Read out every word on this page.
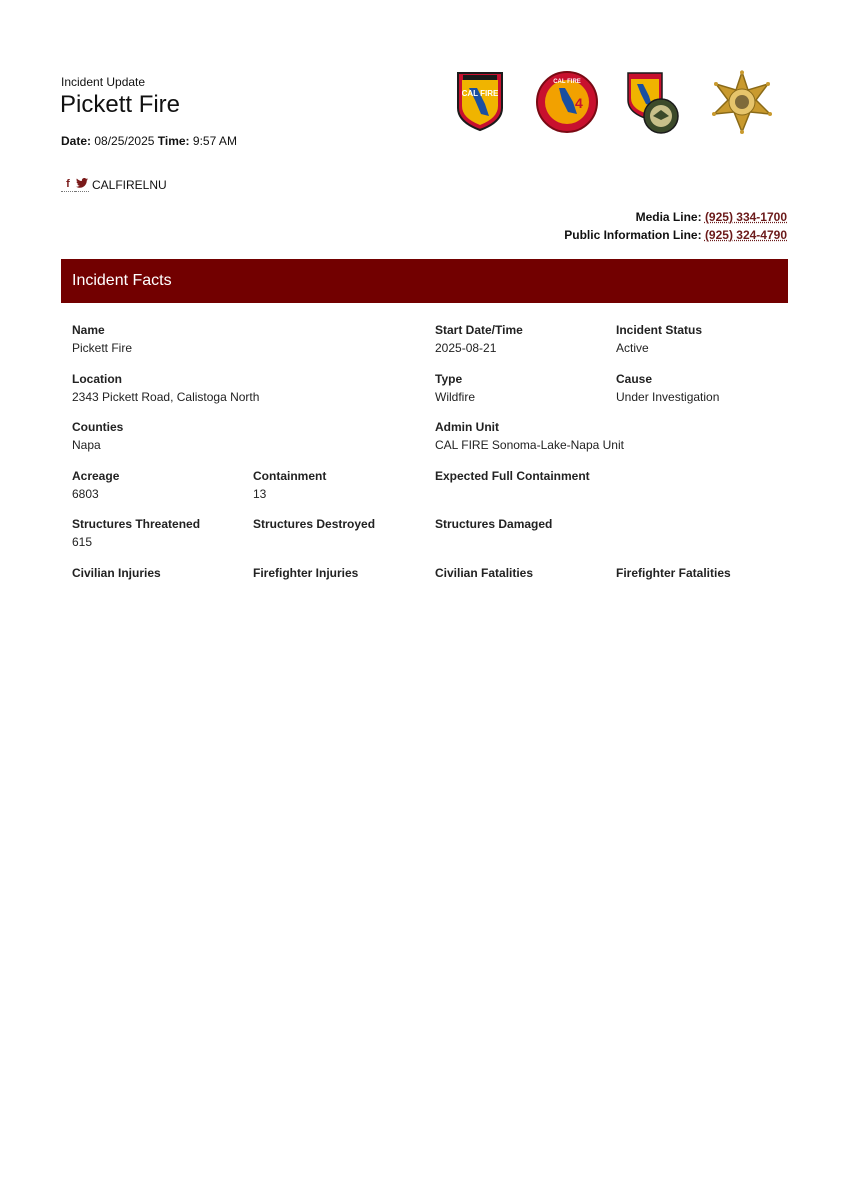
Incident Update
Pickett Fire
Date: 08/25/2025 Time: 9:57 AM
f	CALFIRELNU
CAL FIRE
4
CAL FIRE
Media Line: (925) 334-1700
Public Information Line: (925) 324-4790
Incident Facts
Name
Pickett Fire
Start Date/Time
2025-08-21
Incident Status
Active
Location
2343 Pickett Road, Calistoga North
Type
Wildfire
Cause
Under Investigation
Counties
Napa
Admin Unit
CAL FIRE Sonoma-Lake-Napa Unit
Acreage
6803
Containment
13
Expected Full Containment
Structures Threatened
615
Structures Destroyed	Structures Damaged
Civilian Injuries	Firefighter Injuries	Civilian Fatalities	Firefighter Fatalities
